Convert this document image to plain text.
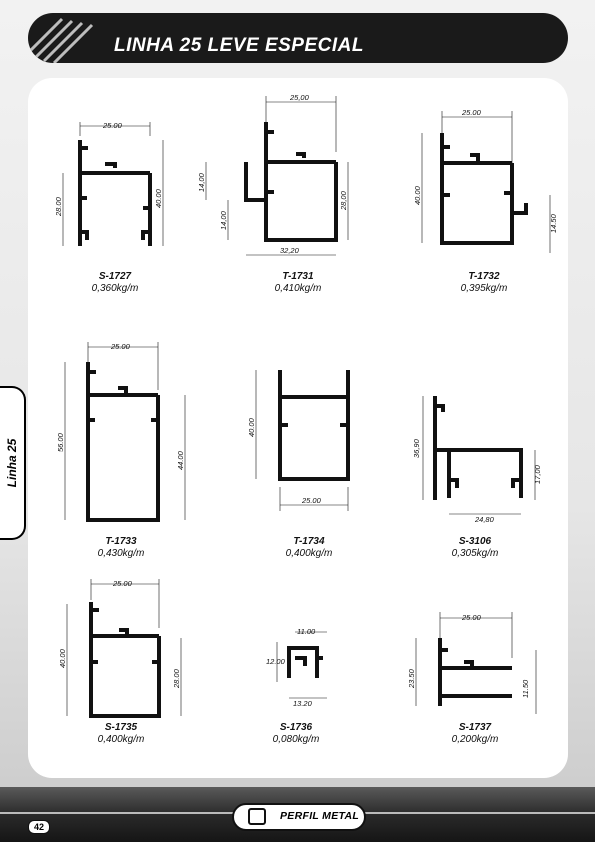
LINHA 25 LEVE ESPECIAL
Linha 25
25.00
28.00	40.00
S-1727
0,360kg/m
25,00
14,00
14,00
28,00
32,20
T-1731
0,410kg/m
25.00
40.00
14.50
T-1732
0,395kg/m
25.00
56.00
44.00
T-1733
0,430kg/m
40.00
25.00
T-1734
0,400kg/m
36,90
17,00
24,80
S-3106
0,305kg/m
25.00
40.00
28.00
S-1735
0,400kg/m
11.00
12.00
13.20
S-1736
0,080kg/m
25.00
23.50
11.50
S-1737
0,200kg/m
PERFIL METAL
42
